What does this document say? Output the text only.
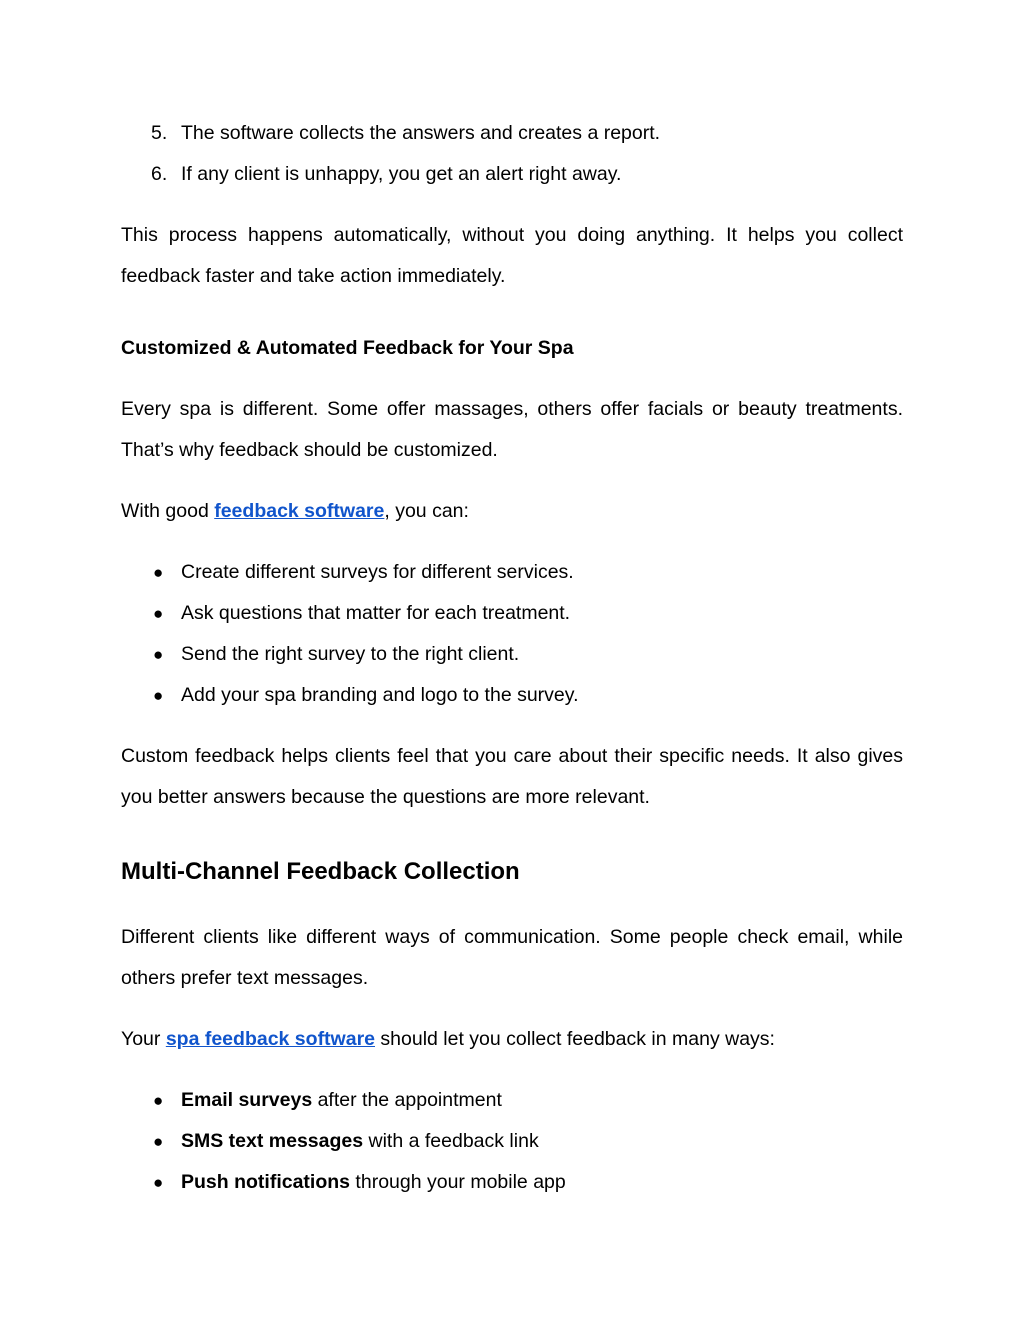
5. The software collects the answers and creates a report.
6. If any client is unhappy, you get an alert right away.

This process happens automatically, without you doing anything. It helps you collect feedback faster and take action immediately.

Customized & Automated Feedback for Your Spa

Every spa is different. Some offer massages, others offer facials or beauty treatments. That’s why feedback should be customized.

With good feedback software, you can:

● Create different surveys for different services.
● Ask questions that matter for each treatment.
● Send the right survey to the right client.
● Add your spa branding and logo to the survey.

Custom feedback helps clients feel that you care about their specific needs. It also gives you better answers because the questions are more relevant.

Multi-Channel Feedback Collection

Different clients like different ways of communication. Some people check email, while others prefer text messages.

Your spa feedback software should let you collect feedback in many ways:

● Email surveys after the appointment
● SMS text messages with a feedback link
● Push notifications through your mobile app
